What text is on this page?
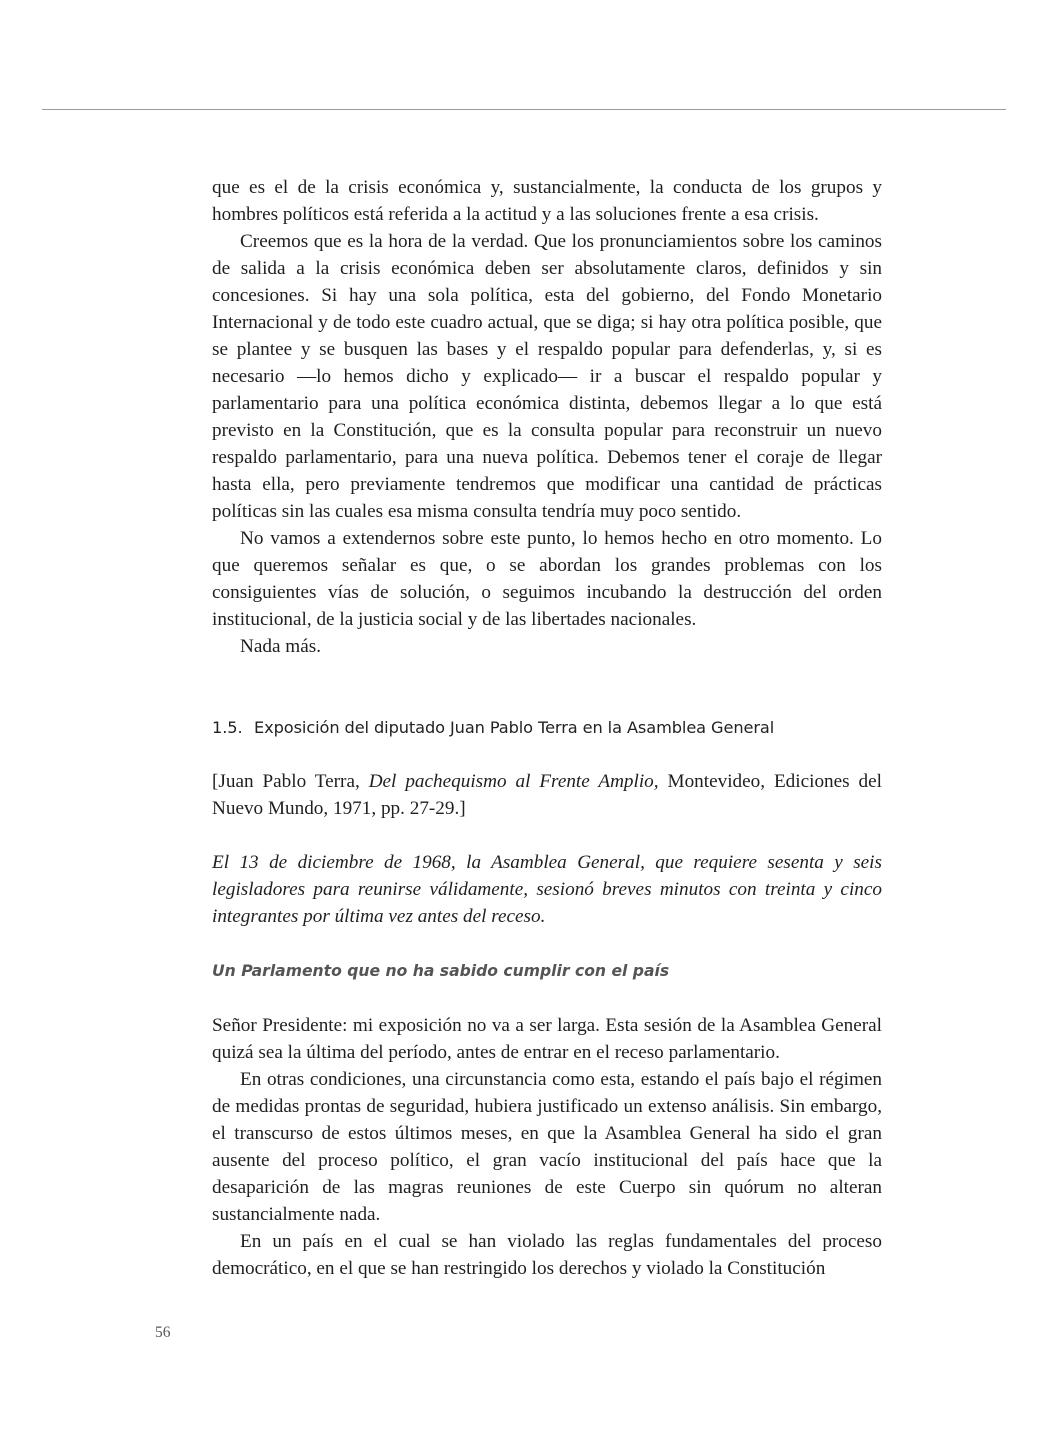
que es el de la crisis económica y, sustancialmente, la conducta de los grupos y hombres políticos está referida a la actitud y a las soluciones frente a esa crisis.

Creemos que es la hora de la verdad. Que los pronunciamientos sobre los caminos de salida a la crisis económica deben ser absolutamente claros, definidos y sin concesiones. Si hay una sola política, esta del gobierno, del Fondo Monetario Internacional y de todo este cuadro actual, que se diga; si hay otra política posible, que se plantee y se busquen las bases y el respaldo popular para defenderlas, y, si es necesario —lo hemos dicho y explicado— ir a buscar el respaldo popular y parlamentario para una política económica distinta, debemos llegar a lo que está previsto en la Constitución, que es la consulta popular para reconstruir un nuevo respaldo parlamentario, para una nueva política. Debemos tener el coraje de llegar hasta ella, pero previamente tendremos que modificar una cantidad de prácticas políticas sin las cuales esa misma consulta tendría muy poco sentido.

No vamos a extendernos sobre este punto, lo hemos hecho en otro momento. Lo que queremos señalar es que, o se abordan los grandes problemas con los consiguientes vías de solución, o seguimos incubando la destrucción del orden institucional, de la justicia social y de las libertades nacionales.

Nada más.

1.5. Exposición del diputado Juan Pablo Terra en la Asamblea General

[Juan Pablo Terra, Del pachequismo al Frente Amplio, Montevideo, Ediciones del Nuevo Mundo, 1971, pp. 27-29.]

El 13 de diciembre de 1968, la Asamblea General, que requiere sesenta y seis legisladores para reunirse válidamente, sesionó breves minutos con treinta y cinco integrantes por última vez antes del receso.

Un Parlamento que no ha sabido cumplir con el país

Señor Presidente: mi exposición no va a ser larga. Esta sesión de la Asamblea General quizá sea la última del período, antes de entrar en el receso parlamentario.

En otras condiciones, una circunstancia como esta, estando el país bajo el régimen de medidas prontas de seguridad, hubiera justificado un extenso análisis. Sin embargo, el transcurso de estos últimos meses, en que la Asamblea General ha sido el gran ausente del proceso político, el gran vacío institucional del país hace que la desaparición de las magras reuniones de este Cuerpo sin quórum no alteran sustancialmente nada.

En un país en el cual se han violado las reglas fundamentales del proceso democrático, en el que se han restringido los derechos y violado la Constitución

56
